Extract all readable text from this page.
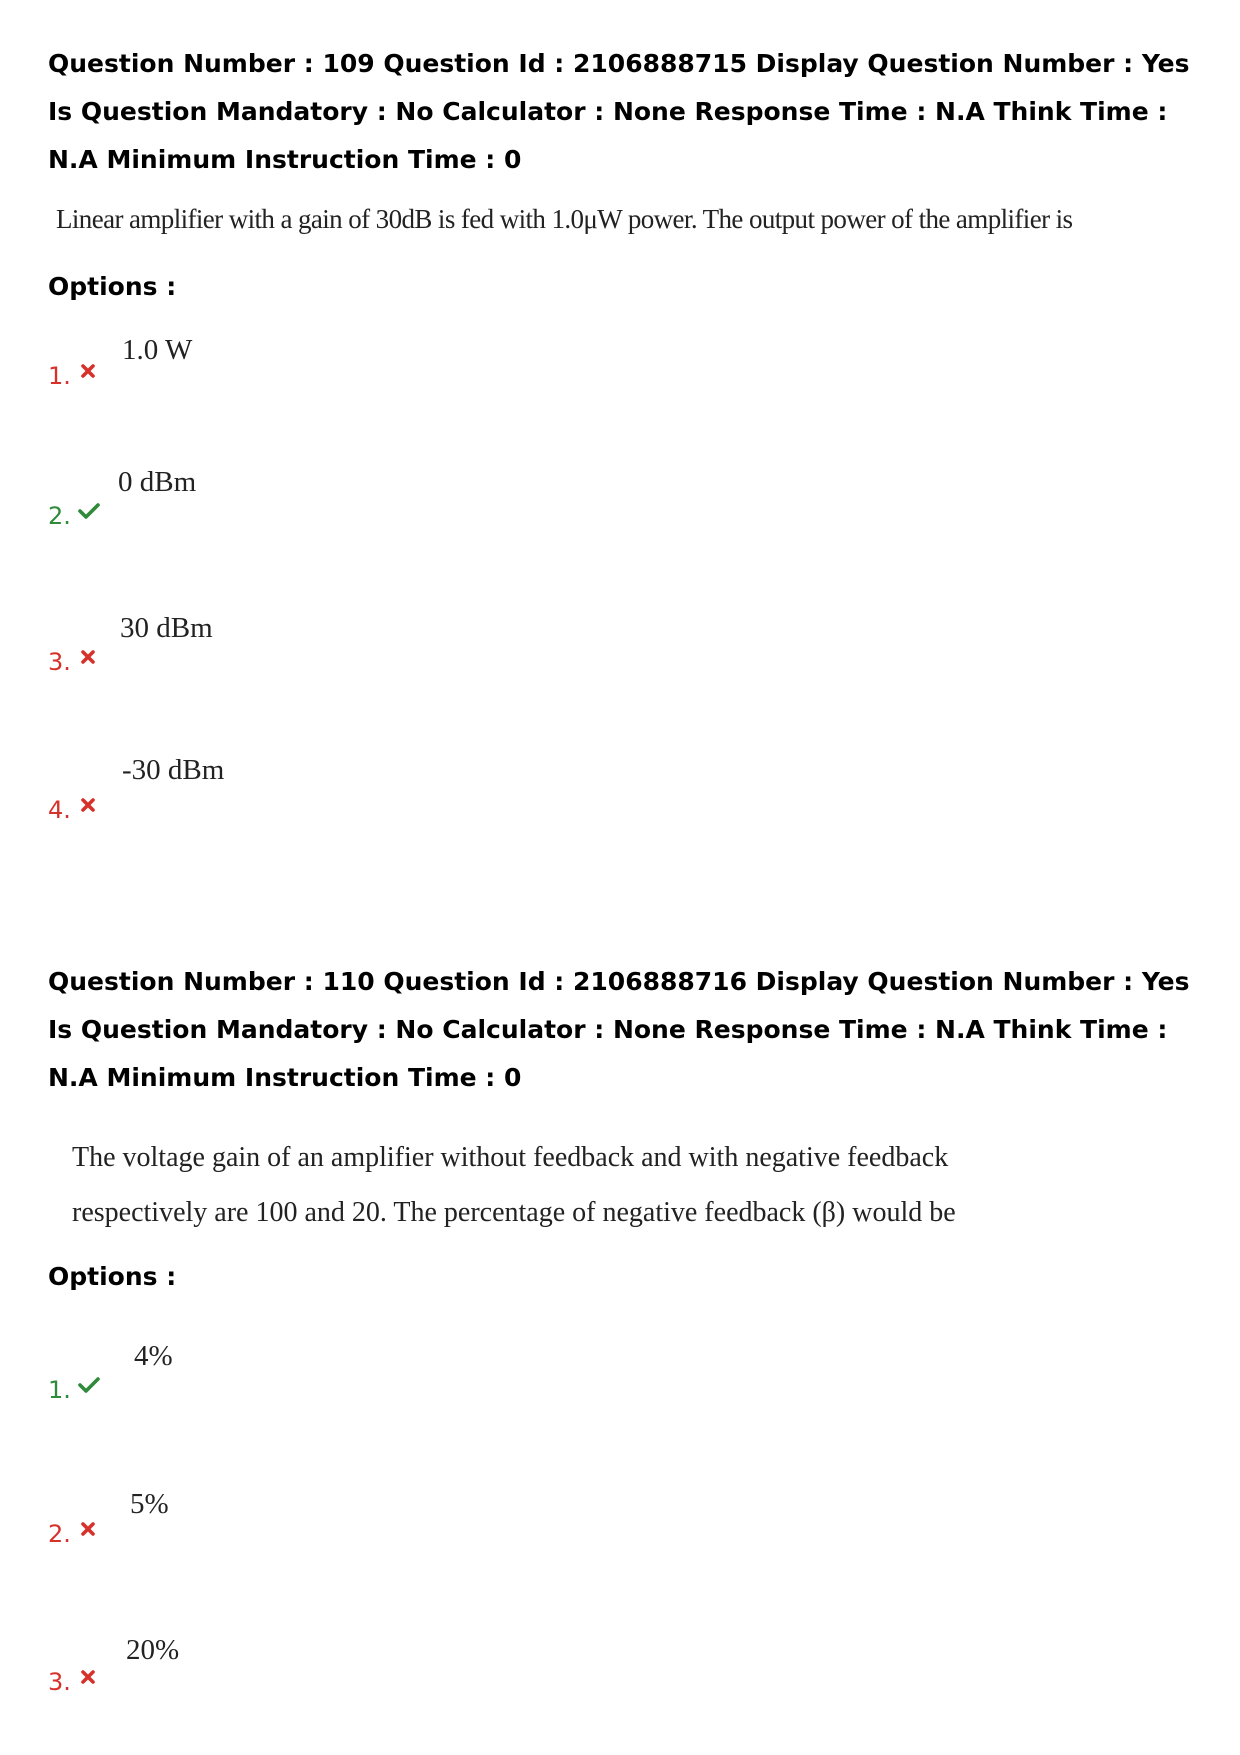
Question Number : 109 Question Id : 2106888715 Display Question Number : Yes Is Question Mandatory : No Calculator : None Response Time : N.A Think Time : N.A Minimum Instruction Time : 0

Linear amplifier with a gain of 30dB is fed with 1.0μW power. The output power of the amplifier is

Options :

1.
1.0 W
2.
0 dBm
3.
30 dBm
4.
-30 dBm

Question Number : 110 Question Id : 2106888716 Display Question Number : Yes Is Question Mandatory : No Calculator : None Response Time : N.A Think Time : N.A Minimum Instruction Time : 0

The voltage gain of an amplifier without feedback and with negative feedback

respectively are 100 and 20. The percentage of negative feedback (β) would be

Options :

1.
4%
2.
5%
3.
20%
